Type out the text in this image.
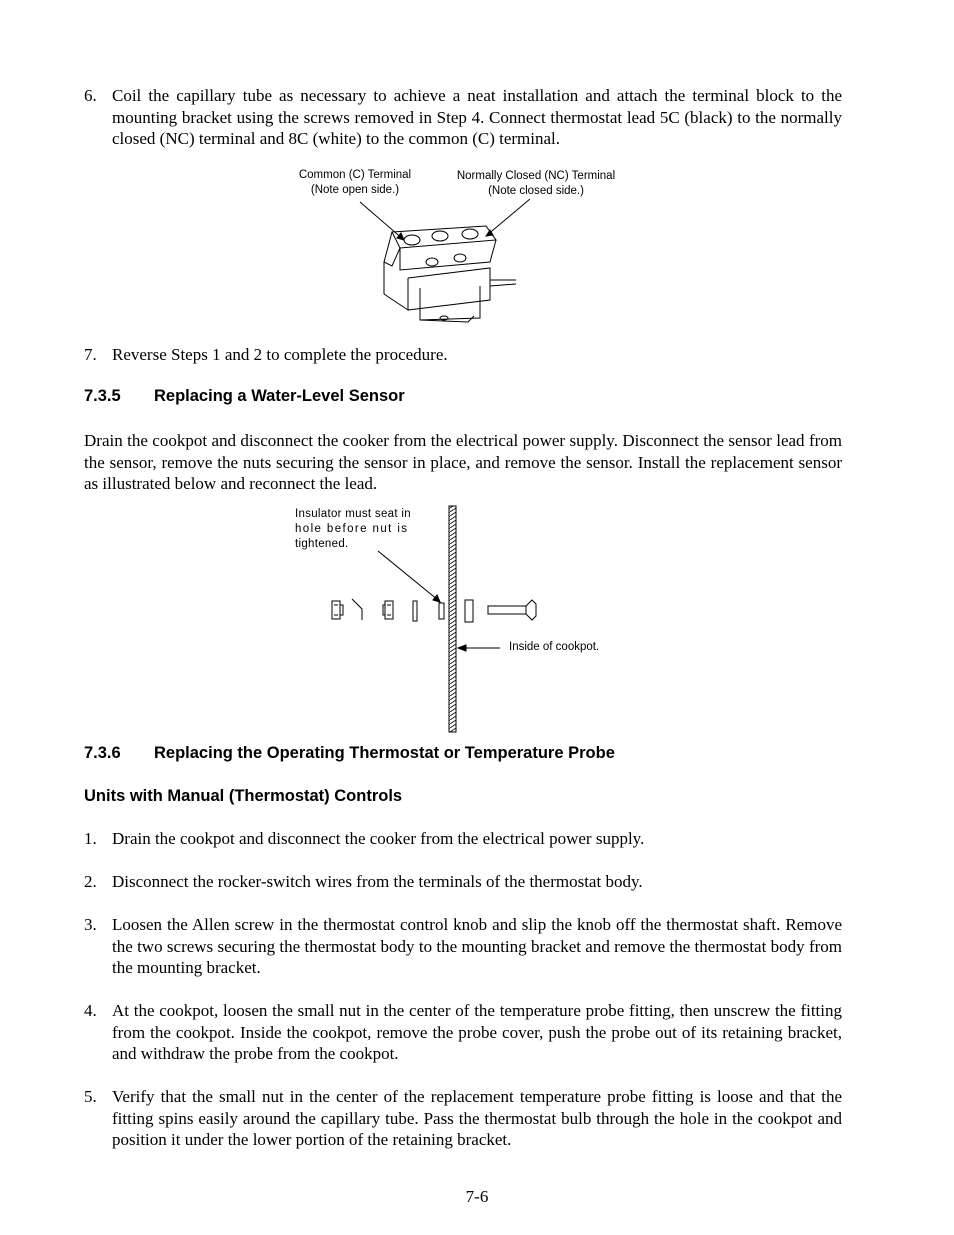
6. Coil the capillary tube as necessary to achieve a neat installation and attach the terminal block to the mounting bracket using the screws removed in Step 4. Connect thermostat lead 5C (black) to the normally closed (NC) terminal and 8C (white) to the common (C) terminal.
Common (C) Terminal
(Note open side.)
Normally Closed (NC) Terminal
(Note closed side.)
7. Reverse Steps 1 and 2 to complete the procedure.
7.3.5 Replacing a Water-Level Sensor
Drain the cookpot and disconnect the cooker from the electrical power supply. Disconnect the sensor lead from the sensor, remove the nuts securing the sensor in place, and remove the sensor. Install the replacement sensor as illustrated below and reconnect the lead.
Insulator must seat in
hole before nut is
tightened.
Inside of cookpot.
7.3.6 Replacing the Operating Thermostat or Temperature Probe
Units with Manual (Thermostat) Controls
1. Drain the cookpot and disconnect the cooker from the electrical power supply.
2. Disconnect the rocker-switch wires from the terminals of the thermostat body.
3. Loosen the Allen screw in the thermostat control knob and slip the knob off the thermostat shaft. Remove the two screws securing the thermostat body to the mounting bracket and remove the thermostat body from the mounting bracket.
4. At the cookpot, loosen the small nut in the center of the temperature probe fitting, then unscrew the fitting from the cookpot. Inside the cookpot, remove the probe cover, push the probe out of its retaining bracket, and withdraw the probe from the cookpot.
5. Verify that the small nut in the center of the replacement temperature probe fitting is loose and that the fitting spins easily around the capillary tube. Pass the thermostat bulb through the hole in the cookpot and position it under the lower portion of the retaining bracket.
7-6
